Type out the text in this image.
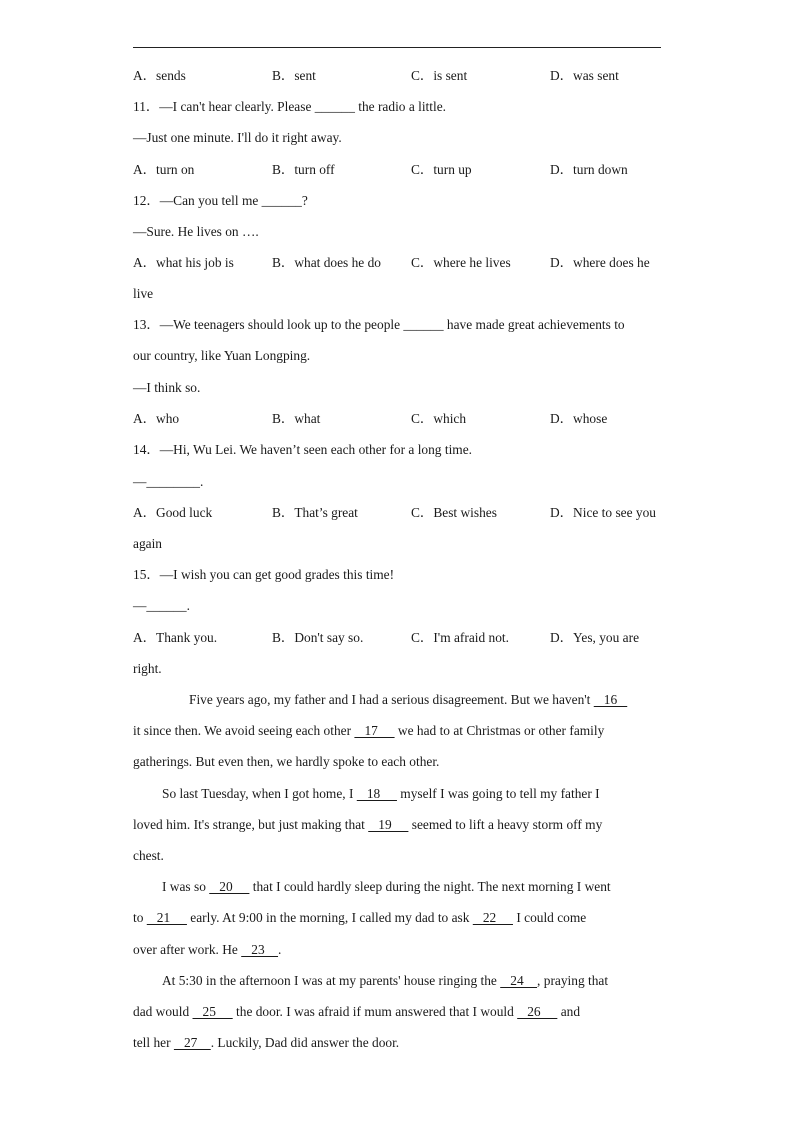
A．sends	B．sent	C．is sent	D．was sent
11．—I can't hear clearly. Please ______ the radio a little.
—Just one minute. I'll do it right away.
A．turn on	B．turn off	C．turn up	D．turn down
12．—Can you tell me ______?
—Sure. He lives on ….
A．what his job is	B．what does he do C．where he lives	D．where does he
live
13．—We teenagers should look up to the people ______ have made great achievements to
our country, like Yuan Longping.
—I think so.
A．who	B．what	C．which	D．whose
14．—Hi, Wu Lei. We haven’t seen each other for a long time.
—________.
A．Good luck	B．That’s great	C．Best wishes	D．Nice to see you
again
15．—I wish you can get good grades this time!
—______.
A．Thank you.	B．Don't say so.	C．I'm afraid not.	D．Yes, you are
right.
Five years ago, my father and I had a serious disagreement. But we haven't    16
it since then. We avoid seeing each other    17      we had to at Christmas or other family
gatherings. But even then, we hardly spoke to each other.
So last Tuesday, when I got home, I    18      myself I was going to tell my father I
loved him. It's strange, but just making that    19      seemed to lift a heavy storm off my
chest.
I was so    20      that I could hardly sleep during the night. The next morning I went
to    21      early. At 9:00 in the morning, I called my dad to ask    22      I could come
over after work. He    23    .
At 5:30 in the afternoon I was at my parents' house ringing the    24    , praying that
dad would    25      the door. I was afraid if mum answered that I would    26      and
tell her    27    . Luckily, Dad did answer the door.
